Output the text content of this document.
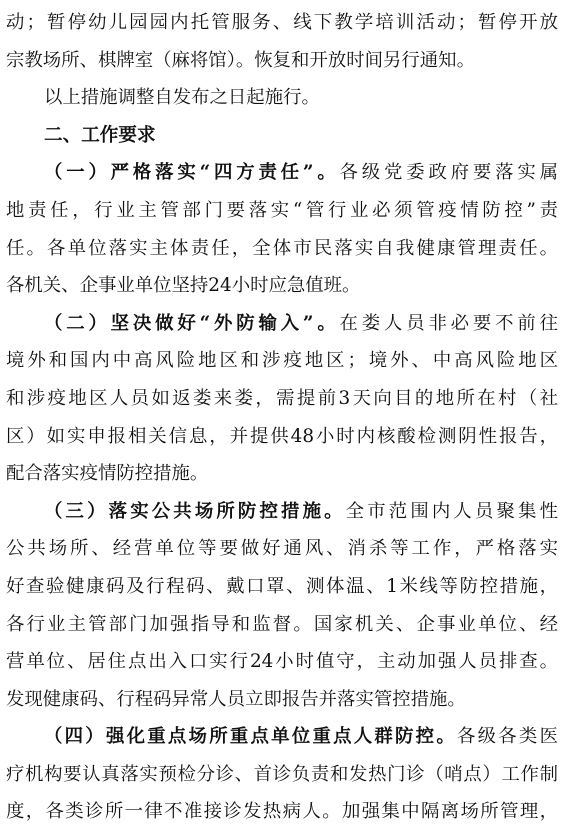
动；暂停幼儿园园内托管服务、线下教学培训活动；暂停开放
宗教场所、棋牌室（麻将馆）。恢复和开放时间另行通知。
以上措施调整自发布之日起施行。
二、工作要求
（一）严格落实“四方责任”。各级党委政府要落实属
地责任，行业主管部门要落实“管行业必须管疫情防控”责
任。各单位落实主体责任，全体市民落实自我健康管理责任。
各机关、企事业单位坚持24小时应急值班。
（二）坚决做好“外防输入”。在娄人员非必要不前往
境外和国内中高风险地区和涉疫地区；境外、中高风险地区
和涉疫地区人员如返娄来娄，需提前3天向目的地所在村（社
区）如实申报相关信息，并提供48小时内核酸检测阴性报告，
配合落实疫情防控措施。
（三）落实公共场所防控措施。全市范围内人员聚集性
公共场所、经营单位等要做好通风、消杀等工作，严格落实
好查验健康码及行程码、戴口罩、测体温、1米线等防控措施，
各行业主管部门加强指导和监督。国家机关、企事业单位、经
营单位、居住点出入口实行24小时值守，主动加强人员排查。
发现健康码、行程码异常人员立即报告并落实管控措施。
（四）强化重点场所重点单位重点人群防控。各级各类医
疗机构要认真落实预检分诊、首诊负责和发热门诊（哨点）工作制
度，各类诊所一律不准接诊发热病人。加强集中隔离场所管理，
